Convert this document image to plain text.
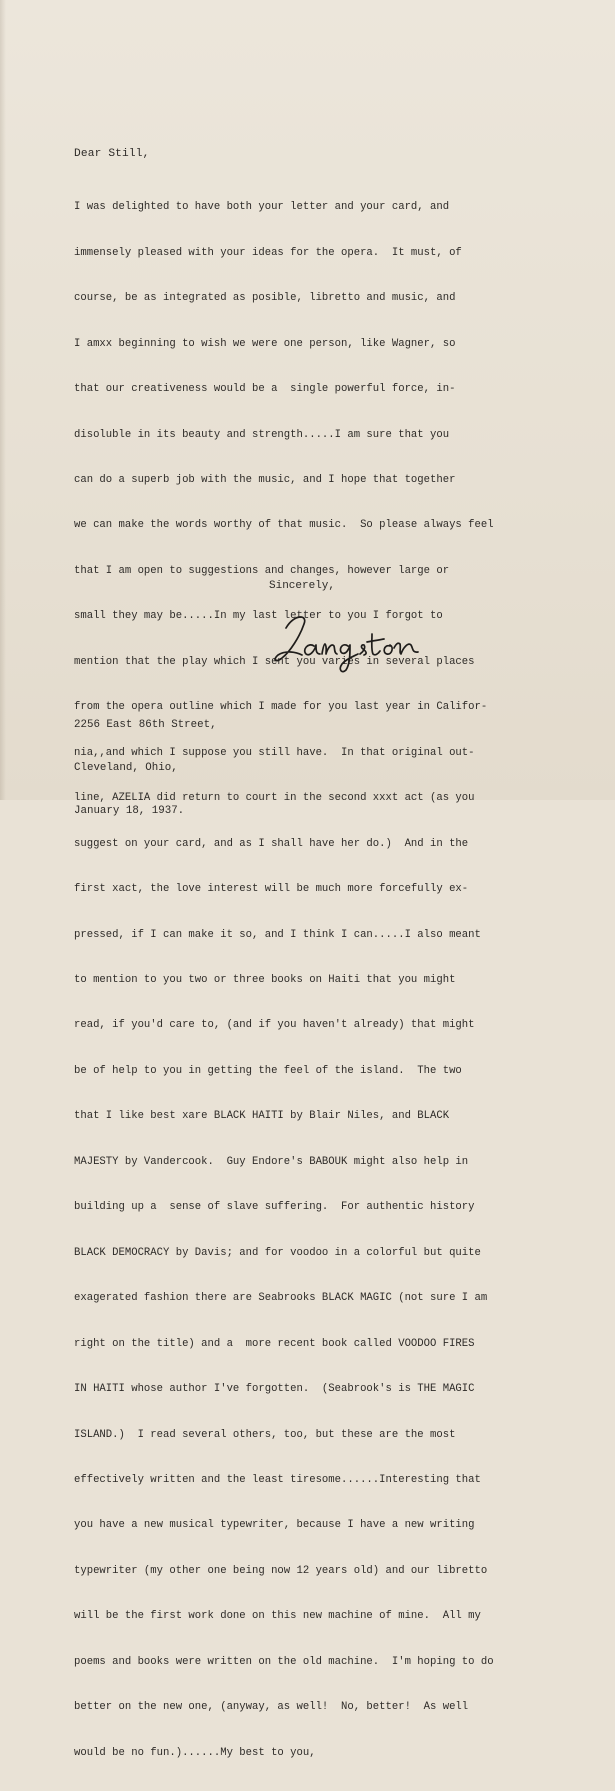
Dear Still,

I was delighted to have both your letter and your card, and

immensely pleased with your ideas for the opera.  It must, of

course, be as integrated as posible, libretto and music, and

I amxx beginning to wish we were one person, like Wagner, so

that our creativeness would be a  single powerful force, in-

disoluble in its beauty and strength.....I am sure that you

can do a superb job with the music, and I hope that together

we can make the words worthy of that music.  So please always feel

that I am open to suggestions and changes, however large or

small they may be.....In my last letter to you I forgot to

mention that the play which I sent you varies in several places

from the opera outline which I made for you last year in Califor-

nia,,and which I suppose you still have.  In that original out-

line, AZELIA did return to court in the second xxxt act (as you

suggest on your card, and as I shall have her do.)  And in the

first xact, the love interest will be much more forcefully ex-

pressed, if I can make it so, and I think I can.....I also meant

to mention to you two or three books on Haiti that you might

read, if you'd care to, (and if you haven't already) that might

be of help to you in getting the feel of the island.  The two

that I like best xare BLACK HAITI by Blair Niles, and BLACK

MAJESTY by Vandercook.  Guy Endore's BABOUK might also help in

building up a  sense of slave suffering.  For authentic history

BLACK DEMOCRACY by Davis; and for voodoo in a colorful but quite

exagerated fashion there are Seabrooks BLACK MAGIC (not sure I am

right on the title) and a  more recent book called VOODOO FIRES

IN HAITI whose author I've forgotten.  (Seabrook's is THE MAGIC

ISLAND.)  I read several others, too, but these are the most

effectively written and the least tiresome......Interesting that

you have a new musical typewriter, because I have a new writing

typewriter (my other one being now 12 years old) and our libretto

will be the first work done on this new machine of mine.  All my

poems and books were written on the old machine.  I'm hoping to do

better on the new one, (anyway, as well!  No, better!  As well

would be no fun.)......My best to you,

Sincerely,

2256 East 86th Street,

Cleveland, Ohio,

January 18, 1937.
